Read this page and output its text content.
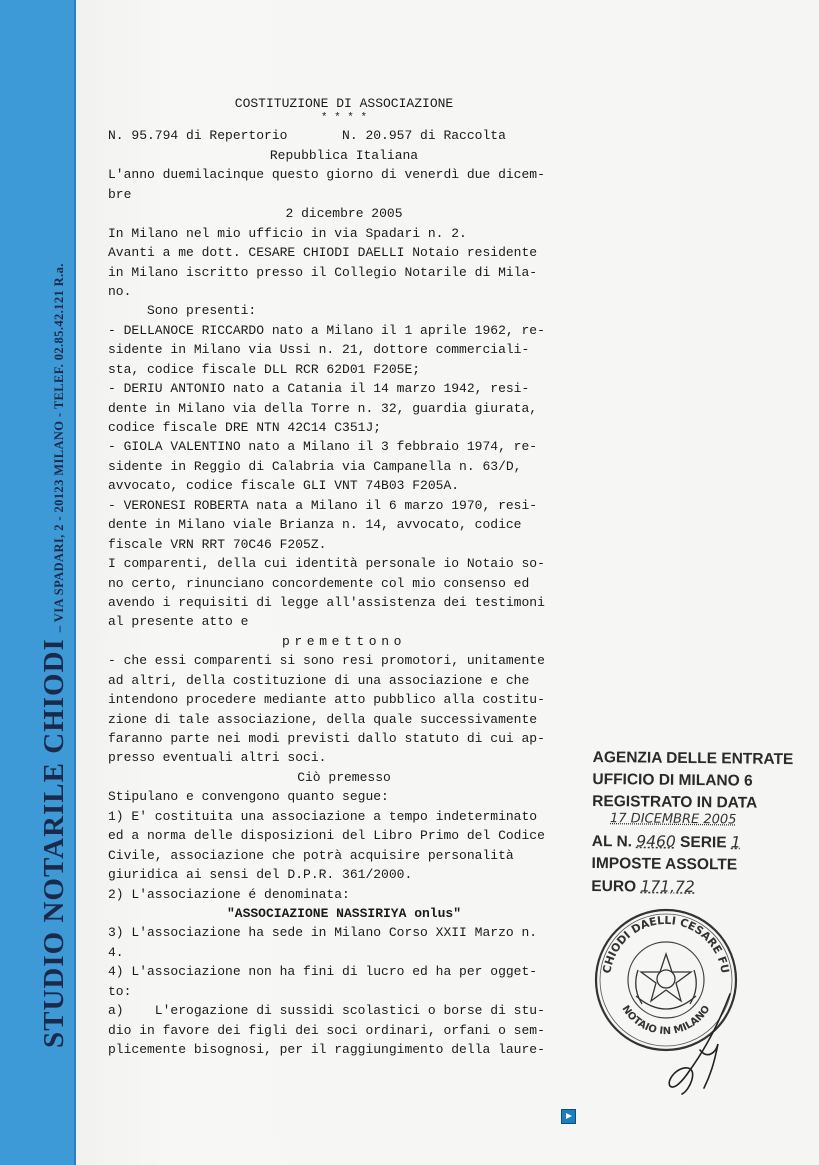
STUDIO NOTARILE CHIODI– VIA SPADARI, 2 - 20123 MILANO - TELEF. 02.85.42.121 R.a.
COSTITUZIONE DI ASSOCIAZIONE
* * * *
N. 95.794 di Repertorio       N. 20.957 di Raccolta
Repubblica Italiana
L'anno duemilacinque questo giorno di venerdì due dicem-
bre
2 dicembre 2005
In Milano nel mio ufficio in via Spadari n. 2.
Avanti a me dott. CESARE CHIODI DAELLI Notaio residente
in Milano iscritto presso il Collegio Notarile di Mila-
no.
Sono presenti:
- DELLANOCE RICCARDO nato a Milano il 1 aprile 1962, re-
sidente in Milano via Ussi n. 21, dottore commerciali-
sta, codice fiscale DLL RCR 62D01 F205E;
- DERIU ANTONIO nato a Catania il 14 marzo 1942, resi-
dente in Milano via della Torre n. 32, guardia giurata,
codice fiscale DRE NTN 42C14 C351J;
- GIOLA VALENTINO nato a Milano il 3 febbraio 1974, re-
sidente in Reggio di Calabria via Campanella n. 63/D,
avvocato, codice fiscale GLI VNT 74B03 F205A.
- VERONESI ROBERTA nata a Milano il 6 marzo 1970, resi-
dente in Milano viale Brianza n. 14, avvocato, codice
fiscale VRN RRT 70C46 F205Z.
I comparenti, della cui identità personale io Notaio so-
no certo, rinunciano concordemente col mio consenso ed
avendo i requisiti di legge all'assistenza dei testimoni
al presente atto e
premettono
- che essi comparenti si sono resi promotori, unitamente
ad altri, della costituzione di una associazione e che
intendono procedere mediante atto pubblico alla costitu-
zione di tale associazione, della quale successivamente
faranno parte nei modi previsti dallo statuto di cui ap-
presso eventuali altri soci.
Ciò premesso
Stipulano e convengono quanto segue:
1) E' costituita una associazione a tempo indeterminato
ed a norma delle disposizioni del Libro Primo del Codice
Civile, associazione che potrà acquisire personalità
giuridica ai sensi del D.P.R. 361/2000.
2) L'associazione é denominata:
"ASSOCIAZIONE NASSIRIYA onlus"
3) L'associazione ha sede in Milano Corso XXII Marzo n.
4.
4) L'associazione non ha fini di lucro ed ha per ogget-
to:
a)    L'erogazione di sussidi scolastici o borse di stu-
dio in favore dei figli dei soci ordinari, orfani o sem-
plicemente bisognosi, per il raggiungimento della laure-
AGENZIA DELLE ENTRATE
UFFICIO DI MILANO 6
REGISTRATO IN DATA
17 DICEMBRE 2005
AL N. 9460 SERIE 1
IMPOSTE ASSOLTE
EURO 171,72
CHIODI DAELLI CESARE FU
NOTAIO IN MILANO
